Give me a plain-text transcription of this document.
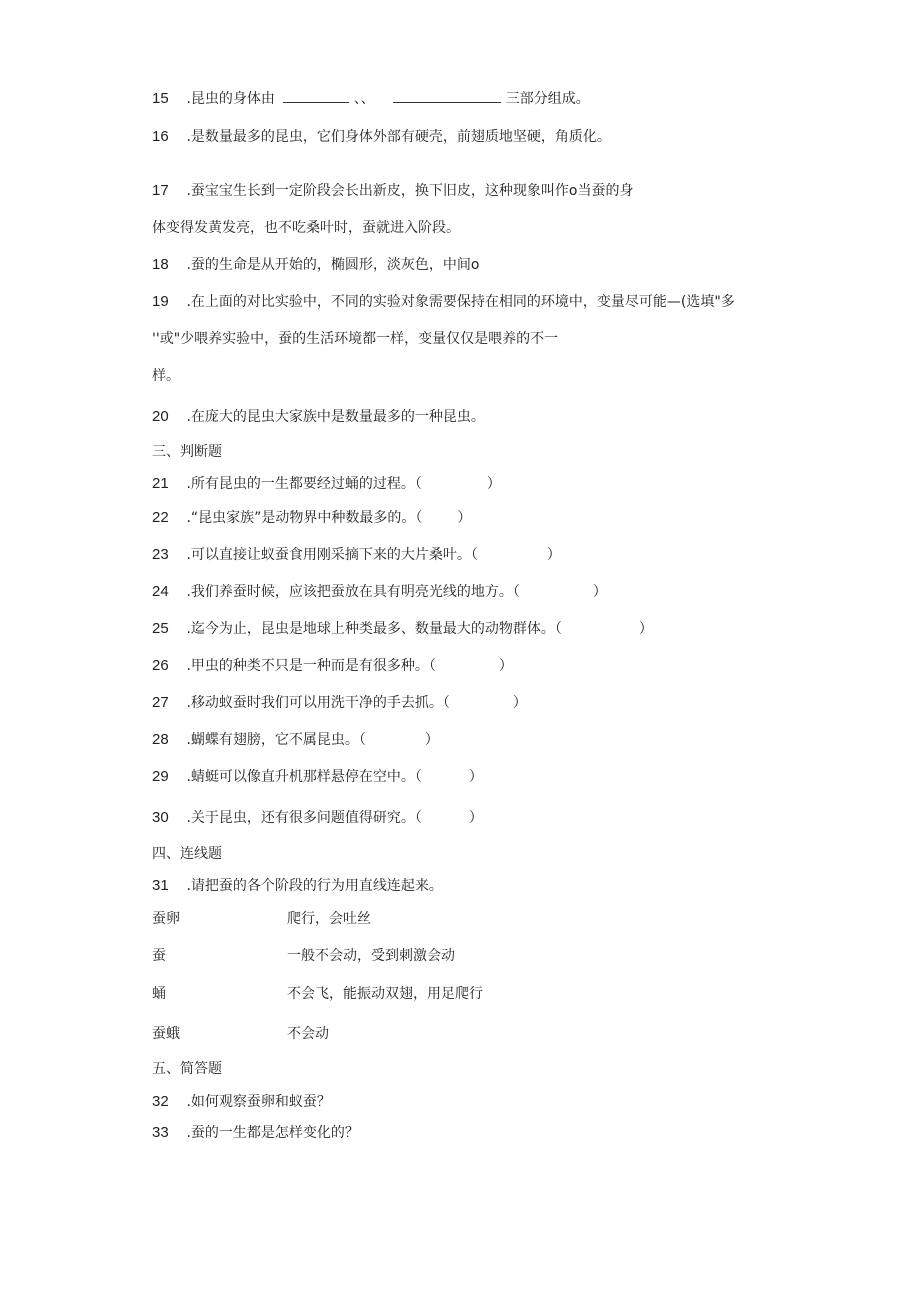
15 .昆虫的身体由	、、	三部分组成。
16 .是数量最多的昆虫，它们身体外部有硬壳，前翅质地坚硬，角质化。
17 .蚕宝宝生长到一定阶段会长出新皮，换下旧皮，这种现象叫作o当蚕的身
体变得发黄发亮，也不吃桑叶时，蚕就进入阶段。
18 .蚕的生命是从开始的，椭圆形，淡灰色，中间o
19 .在上面的对比实验中，不同的实验对象需要保持在相同的环境中，变量尽可能—(选填"多
''或"少喂养实验中，蚕的生活环境都一样，变量仅仅是喂养的不一
样。
20 .在庞大的昆虫大家族中是数量最多的一种昆虫。
三、判断题
21 .所有昆虫的一生都要经过蛹的过程。（	）
22 .“昆虫家族”是动物界中种数最多的。（ ）
23 .可以直接让蚁蚕食用刚采摘下来的大片桑叶。（	）
24 .我们养蚕时候，应该把蚕放在具有明亮光线的地方。（	）
25 .迄今为止，昆虫是地球上种类最多、数量最大的动物群体。（	）
26 .甲虫的种类不只是一种而是有很多种。（	）
27 .移动蚁蚕时我们可以用洗干净的手去抓。（	）
28 .蝴蝶有翅膀，它不属昆虫。（	）
29 .蜻蜓可以像直升机那样悬停在空中。（	）
30 .关于昆虫，还有很多问题值得研究。（	）
四、连线题
31 .请把蚕的各个阶段的行为用直线连起来。
蚕卵	爬行，会吐丝
蚕	一般不会动，受到刺激会动
蛹	不会飞，能振动双翅，用足爬行
蚕蛾	不会动
五、简答题
32 .如何观察蚕卵和蚁蚕？
33 .蚕的一生都是怎样变化的？
